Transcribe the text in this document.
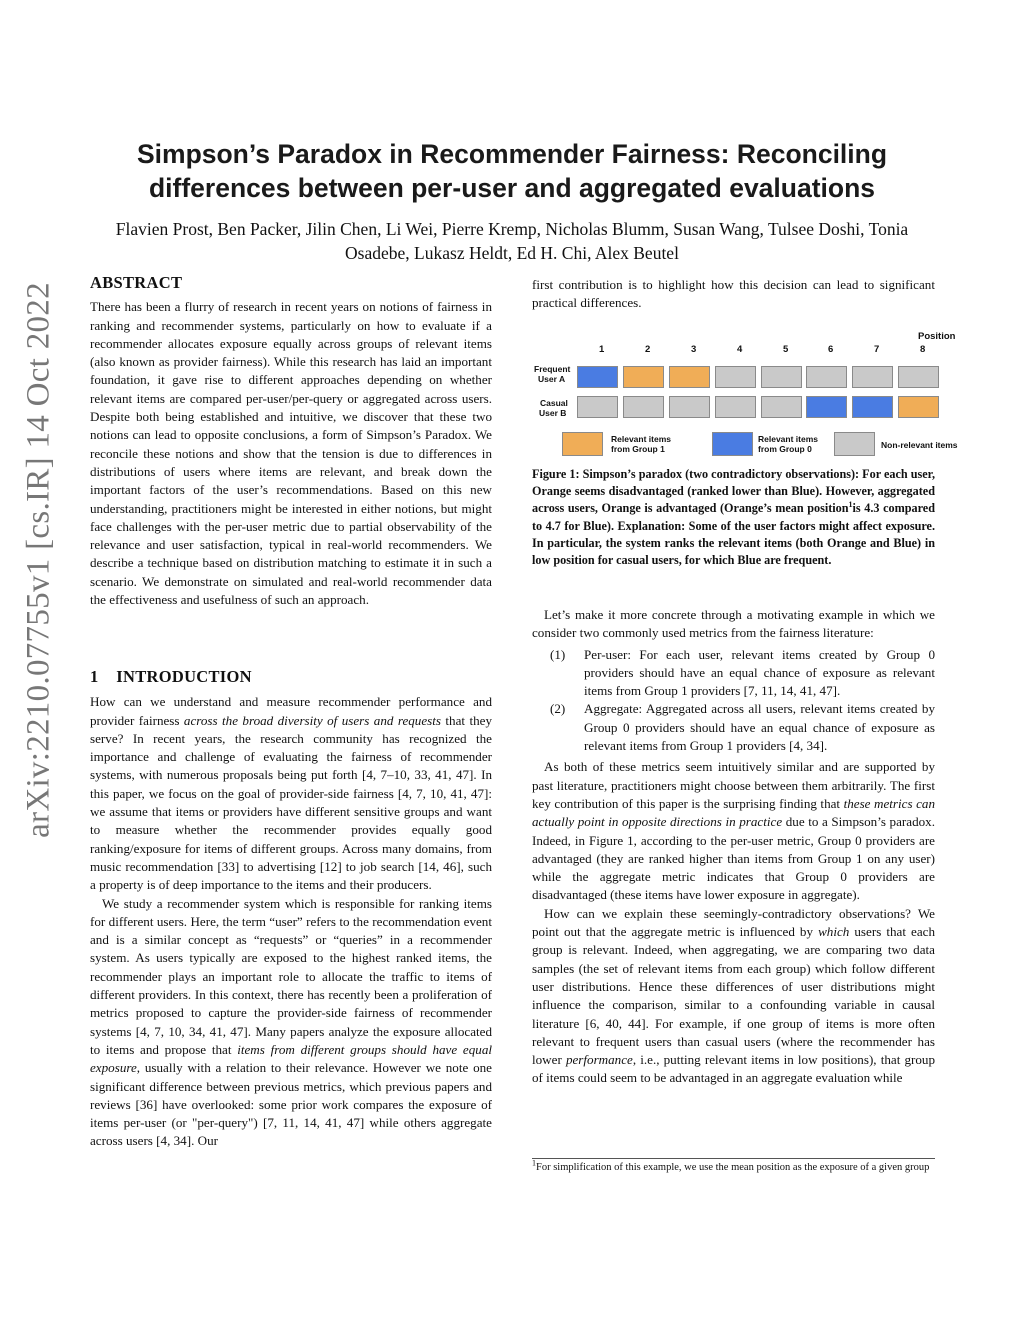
arXiv:2210.07755v1 [cs.IR] 14 Oct 2022
Simpson’s Paradox in Recommender Fairness: Reconciling differences between per-user and aggregated evaluations
Flavien Prost, Ben Packer, Jilin Chen, Li Wei, Pierre Kremp, Nicholas Blumm, Susan Wang, Tulsee Doshi, Tonia Osadebe, Lukasz Heldt, Ed H. Chi, Alex Beutel
ABSTRACT

There has been a flurry of research in recent years on notions of fairness in ranking and recommender systems, particularly on how to evaluate if a recommender allocates exposure equally across groups of relevant items (also known as provider fairness). While this research has laid an important foundation, it gave rise to different approaches depending on whether relevant items are compared per-user/per-query or aggregated across users. Despite both being established and intuitive, we discover that these two notions can lead to opposite conclusions, a form of Simpson’s Paradox. We reconcile these notions and show that the tension is due to differences in distributions of users where items are relevant, and break down the important factors of the user’s recommendations. Based on this new understanding, practitioners might be interested in either notions, but might face challenges with the per-user metric due to partial observability of the relevance and user satisfaction, typical in real-world recommenders. We describe a technique based on distribution matching to estimate it in such a scenario. We demonstrate on simulated and real-world recommender data the effectiveness and usefulness of such an approach.

1 INTRODUCTION

How can we understand and measure recommender performance and provider fairness across the broad diversity of users and requests that they serve? In recent years, the research community has recognized the importance and challenge of evaluating the fairness of recommender systems, with numerous proposals being put forth [4, 7–10, 33, 41, 47]. In this paper, we focus on the goal of provider-side fairness [4, 7, 10, 41, 47]: we assume that items or providers have different sensitive groups and want to measure whether the recommender provides equally good ranking/exposure for items of different groups. Across many domains, from music recommendation [33] to advertising [12] to job search [14, 46], such a property is of deep importance to the items and their producers.

We study a recommender system which is responsible for ranking items for different users. Here, the term “user” refers to the recommendation event and is a similar concept as “requests” or “queries” in a recommender system. As users typically are exposed to the highest ranked items, the recommender plays an important role to allocate the traffic to items of different providers. In this context, there has recently been a proliferation of metrics proposed to capture the provider-side fairness of recommender systems [4, 7, 10, 34, 41, 47]. Many papers analyze the exposure allocated to items and propose that items from different groups should have equal exposure, usually with a relation to their relevance. However we note one significant difference between previous metrics, which previous papers and reviews [36] have overlooked: some prior work compares the exposure of items per-user (or "per-query") [7, 11, 14, 41, 47] while others aggregate across users [4, 34]. Our

first contribution is to highlight how this decision can lead to significant practical differences.

Position
1	2	3	4	5	6	7	8
Frequent
User A
Casual
User B
Relevant items
from Group 1
Relevant items
from Group 0	Non-relevant items
Figure 1: Simpson’s paradox (two contradictory observations): For each user, Orange seems disadvantaged (ranked lower than Blue). However, aggregated across users, Orange is advantaged (Orange’s mean position$^1$is 4.3 compared to 4.7 for Blue). Explanation: Some of the user factors might affect exposure. In particular, the system ranks the relevant items (both Orange and Blue) in low position for casual users, for which Blue are frequent.

Let’s make it more concrete through a motivating example in which we consider two commonly used metrics from the fairness literature:

(1) Per-user: For each user, relevant items created by Group 0 providers should have an equal chance of exposure as relevant items from Group 1 providers [7, 11, 14, 41, 47].
(2) Aggregate: Aggregated across all users, relevant items created by Group 0 providers should have an equal chance of exposure as relevant items from Group 1 providers [4, 34].

As both of these metrics seem intuitively similar and are supported by past literature, practitioners might choose between them arbitrarily. The first key contribution of this paper is the surprising finding that these metrics can actually point in opposite directions in practice due to a Simpson’s paradox. Indeed, in Figure 1, according to the per-user metric, Group 0 providers are advantaged (they are ranked higher than items from Group 1 on any user) while the aggregate metric indicates that Group 0 providers are disadvantaged (these items have lower exposure in aggregate).

How can we explain these seemingly-contradictory observations? We point out that the aggregate metric is influenced by which users that each group is relevant. Indeed, when aggregating, we are comparing two data samples (the set of relevant items from each group) which follow different user distributions. Hence these differences of user distributions might influence the comparison, similar to a confounding variable in causal literature [6, 40, 44]. For example, if one group of items is more often relevant to frequent users than casual users (where the recommender has lower performance, i.e., putting relevant items in low positions), that group of items could seem to be advantaged in an aggregate evaluation while

$^1$For simplification of this example, we use the mean position as the exposure of a given group
